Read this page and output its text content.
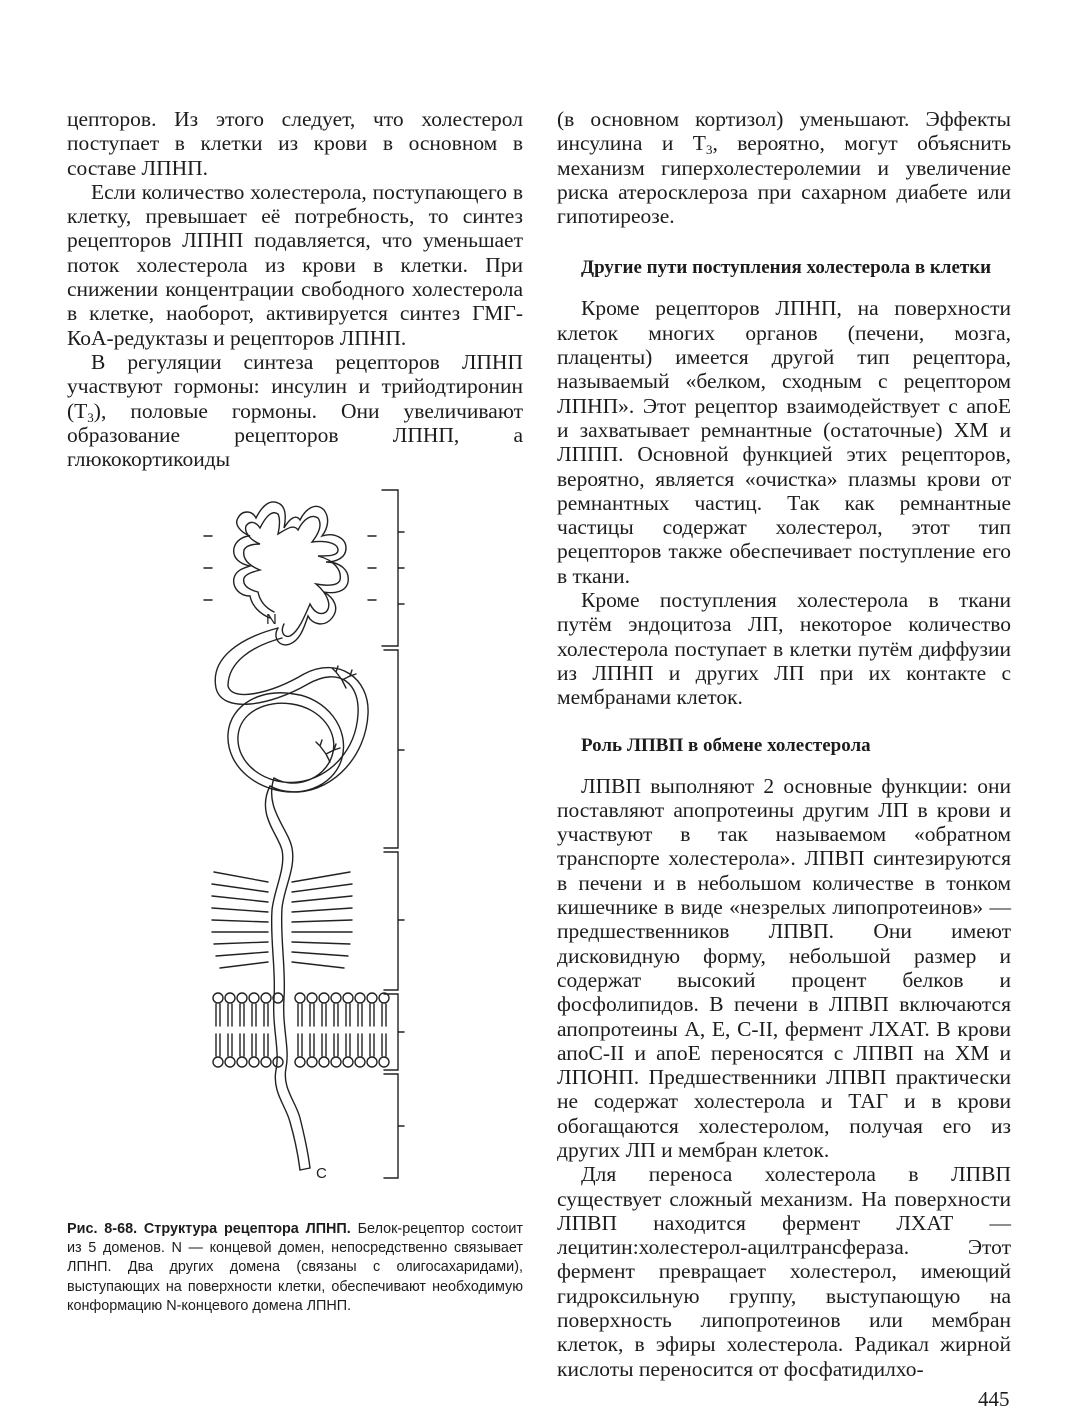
цепторов. Из этого следует, что холестерол поступает в клетки из крови в основном в составе ЛПНП.

Если количество холестерола, поступающего в клетку, превышает её потребность, то синтез рецепторов ЛПНП подавляется, что уменьшает поток холестерола из крови в клетки. При снижении концентрации свободного холестерола в клетке, наоборот, активируется синтез ГМГ-КоА-редуктазы и рецепторов ЛПНП.

В регуляции синтеза рецепторов ЛПНП участвуют гормоны: инсулин и трийодтиронин $(Т_3)$, половые гормоны. Они увеличивают образование рецепторов ЛПНП, а глюкокортикоиды

N
C
Рис. 8-68. Структура рецептора ЛПНП. Белок-рецептор состоит из 5 доменов. N — концевой домен, непосредственно связывает ЛПНП. Два других домена (связаны с олигосахаридами), выступающих на поверхности клетки, обеспечивают необходимую конформацию N-концевого домена ЛПНП.

(в основном кортизол) уменьшают. Эффекты инсулина и $Т_3$, вероятно, могут объяснить механизм гиперхолестеролемии и увеличение риска атеросклероза при сахарном диабете или гипотиреозе.

Другие пути поступления холестерола в клетки

Кроме рецепторов ЛПНП, на поверхности клеток многих органов (печени, мозга, плаценты) имеется другой тип рецептора, называемый «белком, сходным с рецептором ЛПНП». Этот рецептор взаимодействует с апоЕ и захватывает ремнантные (остаточные) ХМ и ЛППП. Основной функцией этих рецепторов, вероятно, является «очистка» плазмы крови от ремнантных частиц. Так как ремнантные частицы содержат холестерол, этот тип рецепторов также обеспечивает поступление его в ткани.

Кроме поступления холестерола в ткани путём эндоцитоза ЛП, некоторое количество холестерола поступает в клетки путём диффузии из ЛПНП и других ЛП при их контакте с мембранами клеток.

Роль ЛПВП в обмене холестерола

ЛПВП выполняют 2 основные функции: они поставляют апопротеины другим ЛП в крови и участвуют в так называемом «обратном транспорте холестерола». ЛПВП синтезируются в печени и в небольшом количестве в тонком кишечнике в виде «незрелых липопротеинов» — предшественников ЛПВП. Они имеют дисковидную форму, небольшой размер и содержат высокий процент белков и фосфолипидов. В печени в ЛПВП включаются апопротеины А, Е, С-II, фермент ЛХАТ. В крови апоС-II и апоЕ переносятся с ЛПВП на ХМ и ЛПОНП. Предшественники ЛПВП практически не содержат холестерола и ТАГ и в крови обогащаются холестеролом, получая его из других ЛП и мембран клеток.

Для переноса холестерола в ЛПВП существует сложный механизм. На поверхности ЛПВП находится фермент ЛХАТ — лецитин:холестерол-ацилтрансфераза. Этот фермент превращает холестерол, имеющий гидроксильную группу, выступающую на поверхность липопротеинов или мембран клеток, в эфиры холестерола. Радикал жирной кислоты переносится от фосфатидилхо-

445
